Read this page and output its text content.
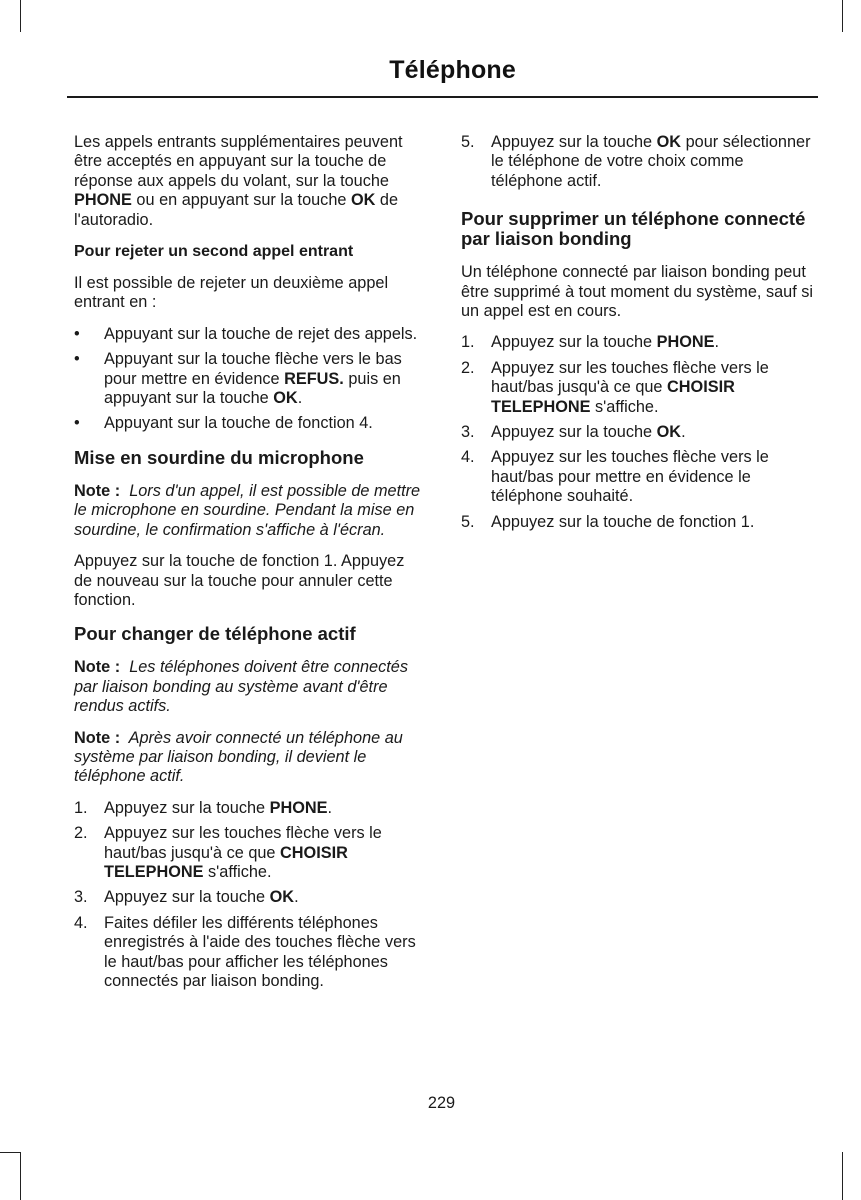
Téléphone

Les appels entrants supplémentaires peuvent être acceptés en appuyant sur la touche de réponse aux appels du volant, sur la touche PHONE ou en appuyant sur la touche OK de l'autoradio.

Pour rejeter un second appel entrant

Il est possible de rejeter un deuxième appel entrant en :

• Appuyant sur la touche de rejet des appels.
• Appuyant sur la touche flèche vers le bas pour mettre en évidence REFUS. puis en appuyant sur la touche OK.
• Appuyant sur la touche de fonction 4.

Mise en sourdine du microphone

Note : Lors d'un appel, il est possible de mettre le microphone en sourdine. Pendant la mise en sourdine, le confirmation s'affiche à l'écran.

Appuyez sur la touche de fonction 1. Appuyez de nouveau sur la touche pour annuler cette fonction.

Pour changer de téléphone actif

Note : Les téléphones doivent être connectés par liaison bonding au système avant d'être rendus actifs.

Note : Après avoir connecté un téléphone au système par liaison bonding, il devient le téléphone actif.

1. Appuyez sur la touche PHONE.
2. Appuyez sur les touches flèche vers le haut/bas jusqu'à ce que CHOISIR TELEPHONE s'affiche.
3. Appuyez sur la touche OK.
4. Faites défiler les différents téléphones enregistrés à l'aide des touches flèche vers le haut/bas pour afficher les téléphones connectés par liaison bonding.
5. Appuyez sur la touche OK pour sélectionner le téléphone de votre choix comme téléphone actif.

Pour supprimer un téléphone connecté par liaison bonding

Un téléphone connecté par liaison bonding peut être supprimé à tout moment du système, sauf si un appel est en cours.

1. Appuyez sur la touche PHONE.
2. Appuyez sur les touches flèche vers le haut/bas jusqu'à ce que CHOISIR TELEPHONE s'affiche.
3. Appuyez sur la touche OK.
4. Appuyez sur les touches flèche vers le haut/bas pour mettre en évidence le téléphone souhaité.
5. Appuyez sur la touche de fonction 1.
229
